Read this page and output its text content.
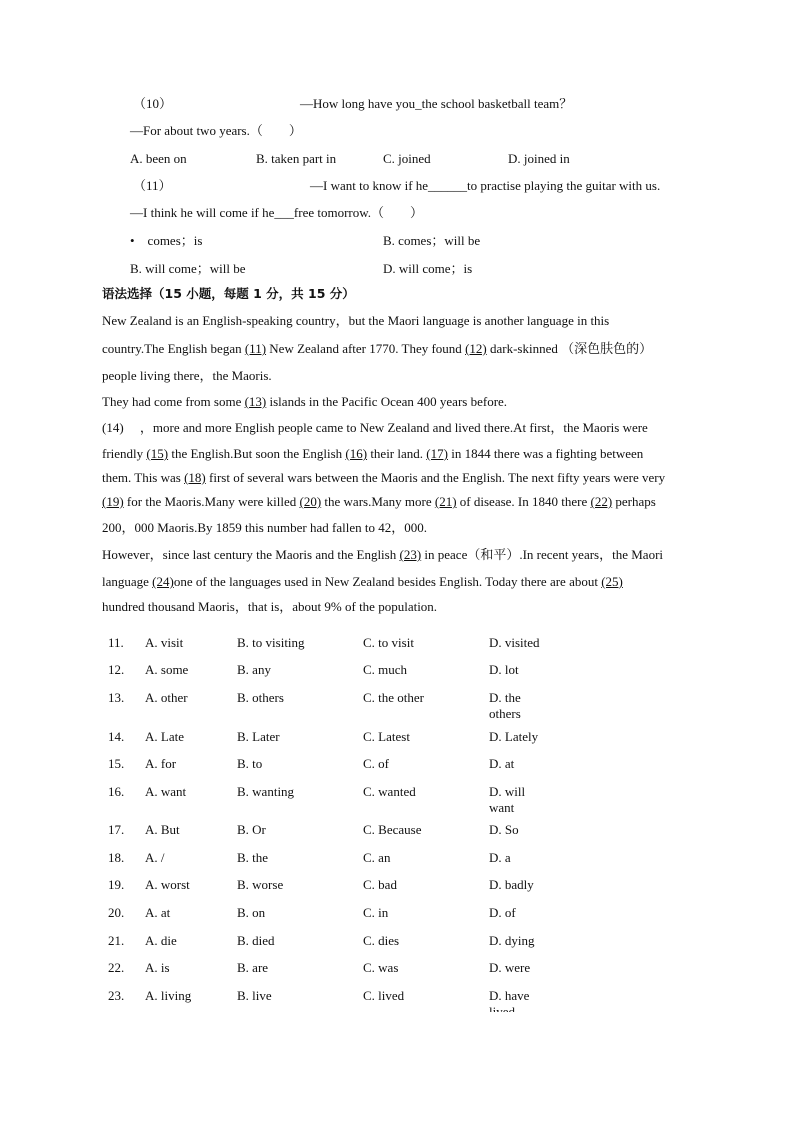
（10）	—How long have you_the school basketball team？
—For about two years.（　　）
A. been on	B. taken part in	C. joined	D. joined in
（11）	—I want to know if he______to practise playing the guitar with us.
—I think he will come if he___free tomorrow.（　　）
•　comes；is	B. comes；will be
B. will come；will be	D. will come；is
语法选择（15 小题，每题 1 分，共 15 分）
New Zealand is an English-speaking country，but the Maori language is another language in this
country.The English began (11) New Zealand after 1770. They found (12) dark-skinned （深色肤色的）
people living there，the Maoris.
They had come from some (13) islands in the Pacific Ocean 400 years before.
(14)　 ，more and more English people came to New Zealand and lived there.At first，the Maoris were
friendly (15) the English.But soon the English (16) their land. (17) in 1844 there was a fighting between
them. This was (18) first of several wars between the Maoris and the English. The next fifty years were very
(19) for the Maoris.Many were killed (20) the wars.Many more (21) of disease. In 1840 there (22) perhaps
200，000 Maoris.By 1859 this number had fallen to 42，000.
However，since last century the Maoris and the English (23) in peace（和平）.In recent years，the Maori
language (24)one of the languages used in New Zealand besides English. Today there are about (25)
hundred thousand Maoris，that is，about 9% of the population.
11. A. visit	B. to visiting	C. to visit	D. visited
12. A. some	B. any	C. much	D. lot
13. A. other	B. others	C. the other	D. the others
14. A. Late	B. Later	C. Latest	D. Lately
15. A. for	B. to	C. of	D. at
16. A. want	B. wanting	C. wanted	D. will want
17. A. But	B. Or	C. Because	D. So
18. A. /	B. the	C. an	D. a
19. A. worst	B. worse	C. bad	D. badly
20. A. at	B. on	C. in	D. of
21. A. die	B. died	C. dies	D. dying
22. A. is	B. are	C. was	D. were
23. A. living	B. live	C. lived	D. have
